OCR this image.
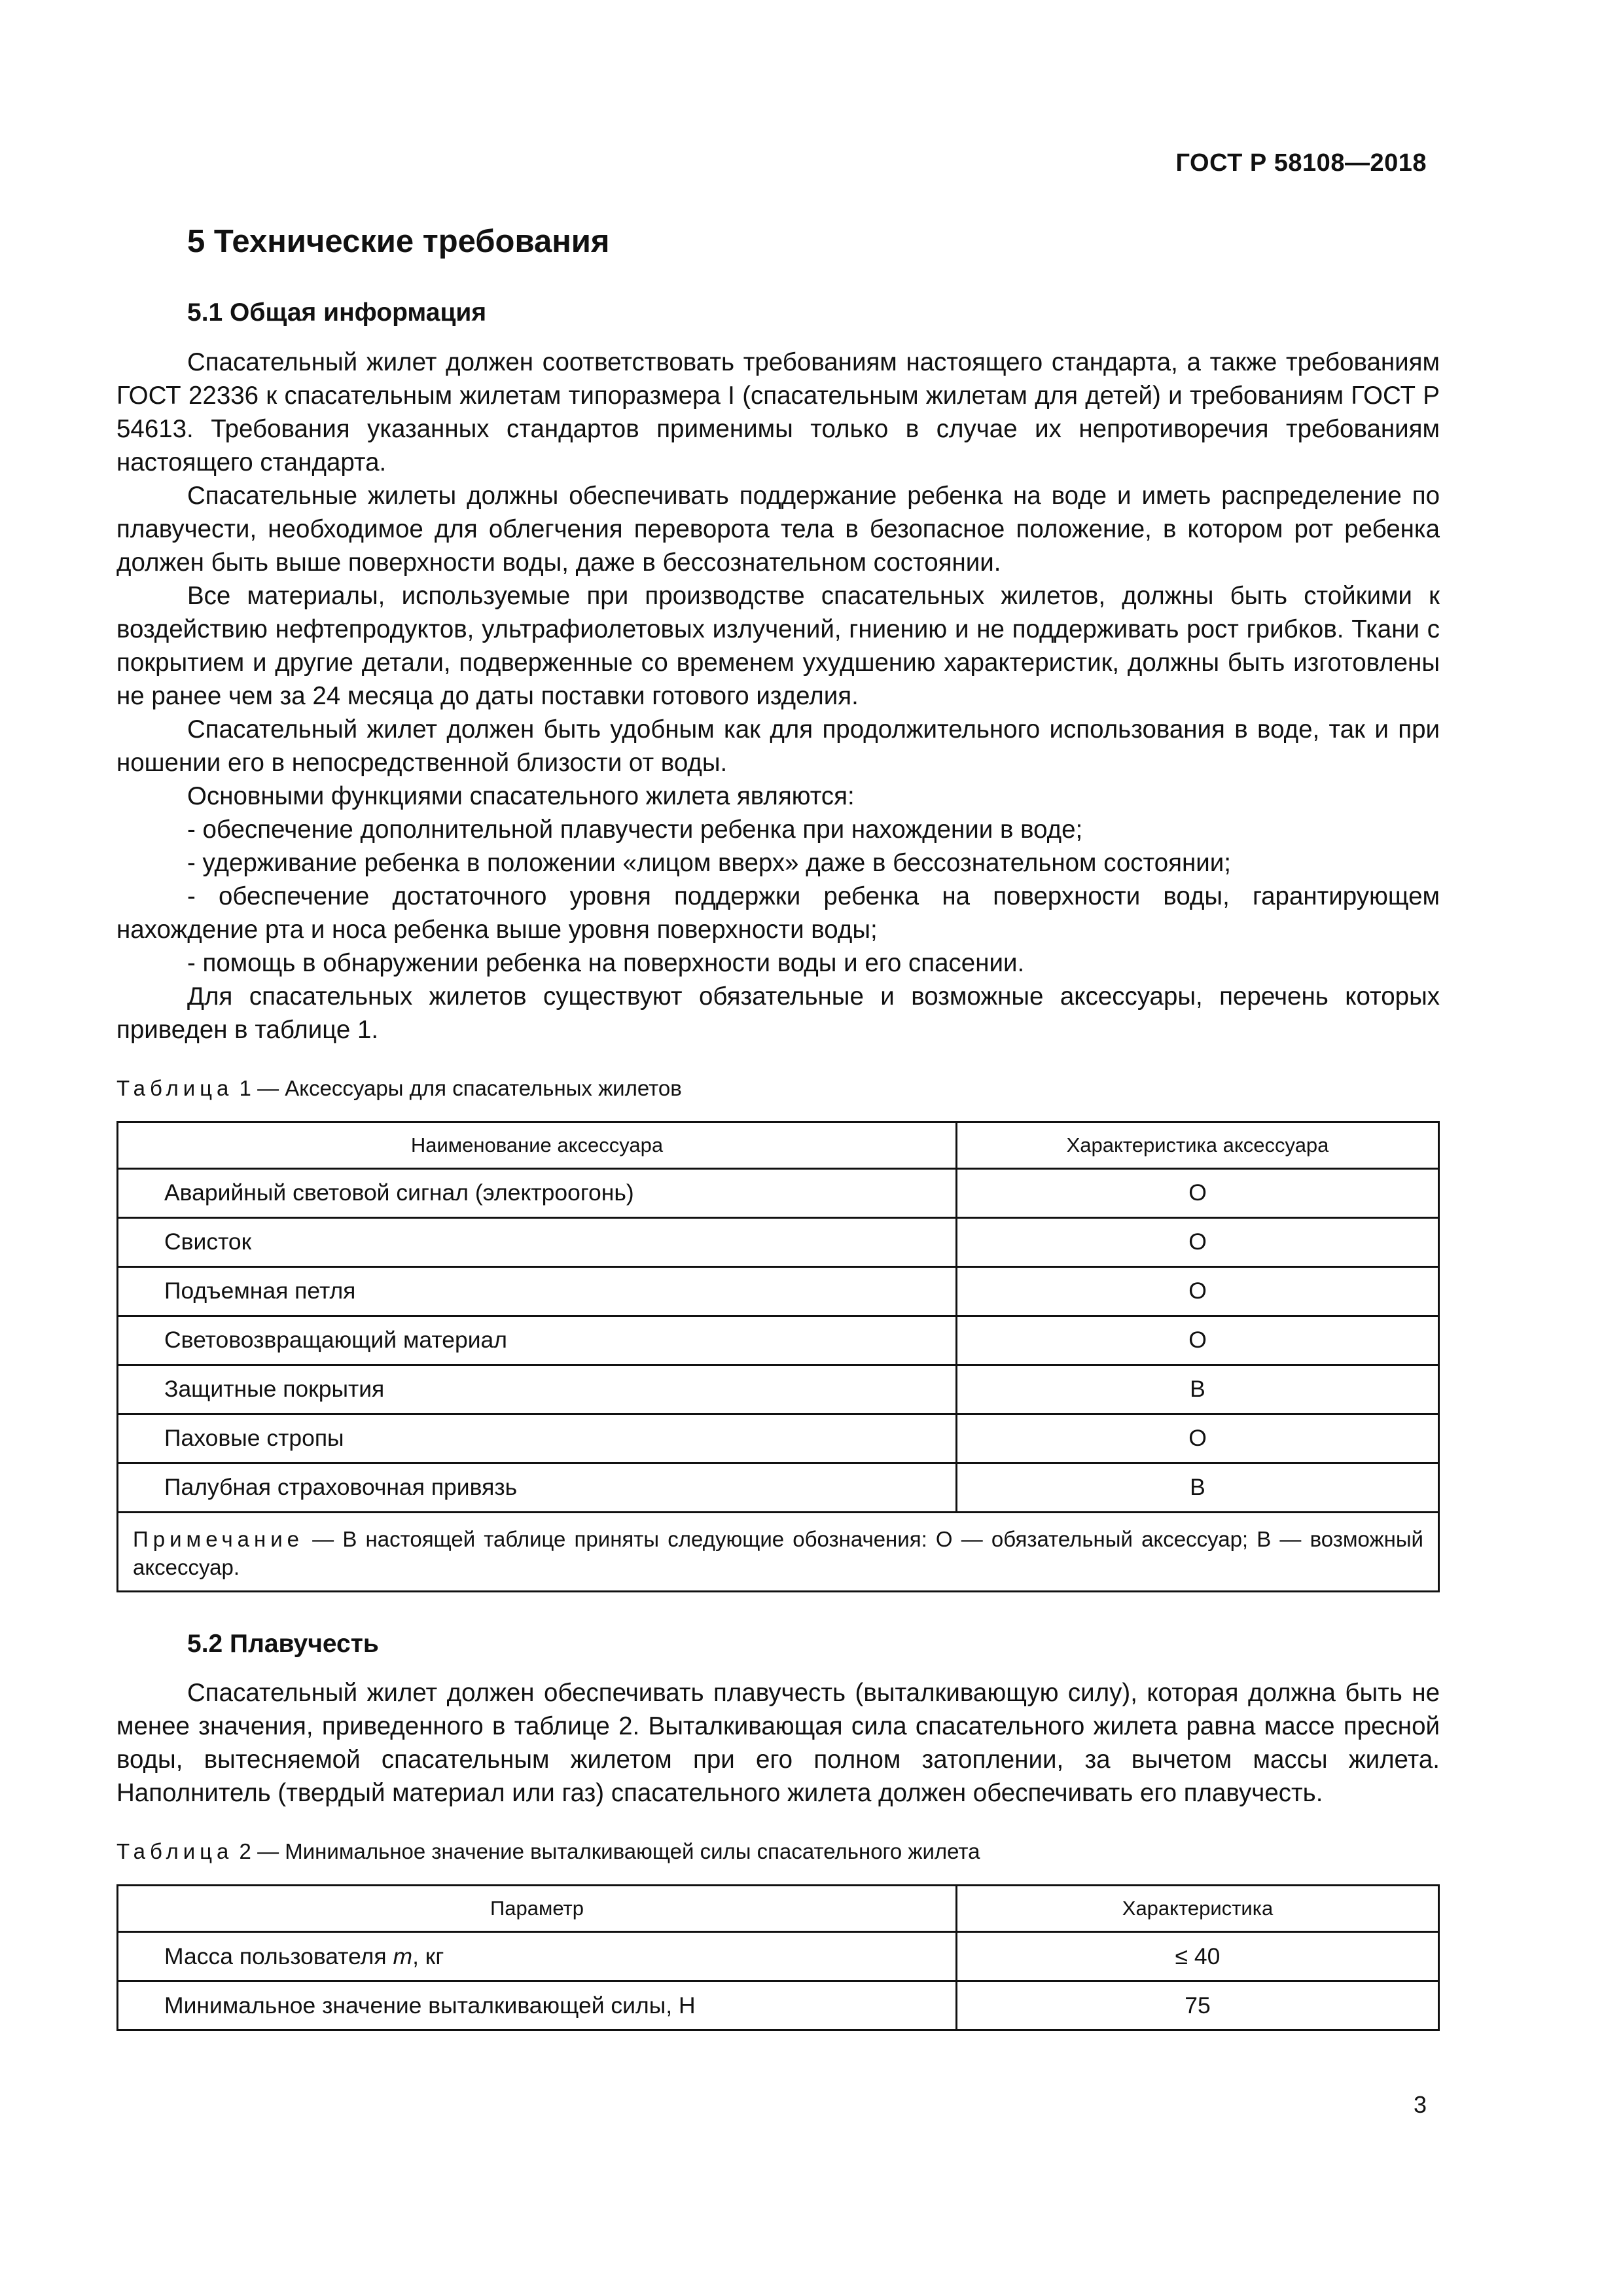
ГОСТ Р 58108—2018
5 Технические требования
5.1 Общая информация

Спасательный жилет должен соответствовать требованиям настоящего стандарта, а также требованиям ГОСТ 22336 к спасательным жилетам типоразмера I (спасательным жилетам для детей) и требованиям ГОСТ Р 54613. Требования указанных стандартов применимы только в случае их непротиворечия требованиям настоящего стандарта.

Спасательные жилеты должны обеспечивать поддержание ребенка на воде и иметь распределение по плавучести, необходимое для облегчения переворота тела в безопасное положение, в котором рот ребенка должен быть выше поверхности воды, даже в бессознательном состоянии.

Все материалы, используемые при производстве спасательных жилетов, должны быть стойкими к воздействию нефтепродуктов, ультрафиолетовых излучений, гниению и не поддерживать рост грибков. Ткани с покрытием и другие детали, подверженные со временем ухудшению характеристик, должны быть изготовлены не ранее чем за 24 месяца до даты поставки готового изделия.

Спасательный жилет должен быть удобным как для продолжительного использования в воде, так и при ношении его в непосредственной близости от воды.

Основными функциями спасательного жилета являются:

- обеспечение дополнительной плавучести ребенка при нахождении в воде;

- удерживание ребенка в положении «лицом вверх» даже в бессознательном состоянии;

- обеспечение достаточного уровня поддержки ребенка на поверхности воды, гарантирующем нахождение рта и носа ребенка выше уровня поверхности воды;

- помощь в обнаружении ребенка на поверхности воды и его спасении.

Для спасательных жилетов существуют обязательные и возможные аксессуары, перечень которых приведен в таблице 1.

Таблица 1 — Аксессуары для спасательных жилетов
Наименование аксессуара	Характеристика аксессуара
Аварийный световой сигнал (электроогонь)	О
Свисток	О
Подъемная петля	О
Световозвращающий материал	О
Защитные покрытия	В
Паховые стропы	О
Палубная страховочная привязь	В
Примечание — В настоящей таблице приняты следующие обозначения: О — обязательный аксессуар; В — возможный аксессуар.	
5.2 Плавучесть

Спасательный жилет должен обеспечивать плавучесть (выталкивающую силу), которая должна быть не менее значения, приведенного в таблице 2. Выталкивающая сила спасательного жилета равна массе пресной воды, вытесняемой спасательным жилетом при его полном затоплении, за вычетом массы жилета. Наполнитель (твердый материал или газ) спасательного жилета должен обеспечивать его плавучесть.

Таблица 2 — Минимальное значение выталкивающей силы спасательного жилета
Параметр	Характеристика
Масса пользователя m, кг	≤ 40
Минимальное значение выталкивающей силы, Н	75
3
